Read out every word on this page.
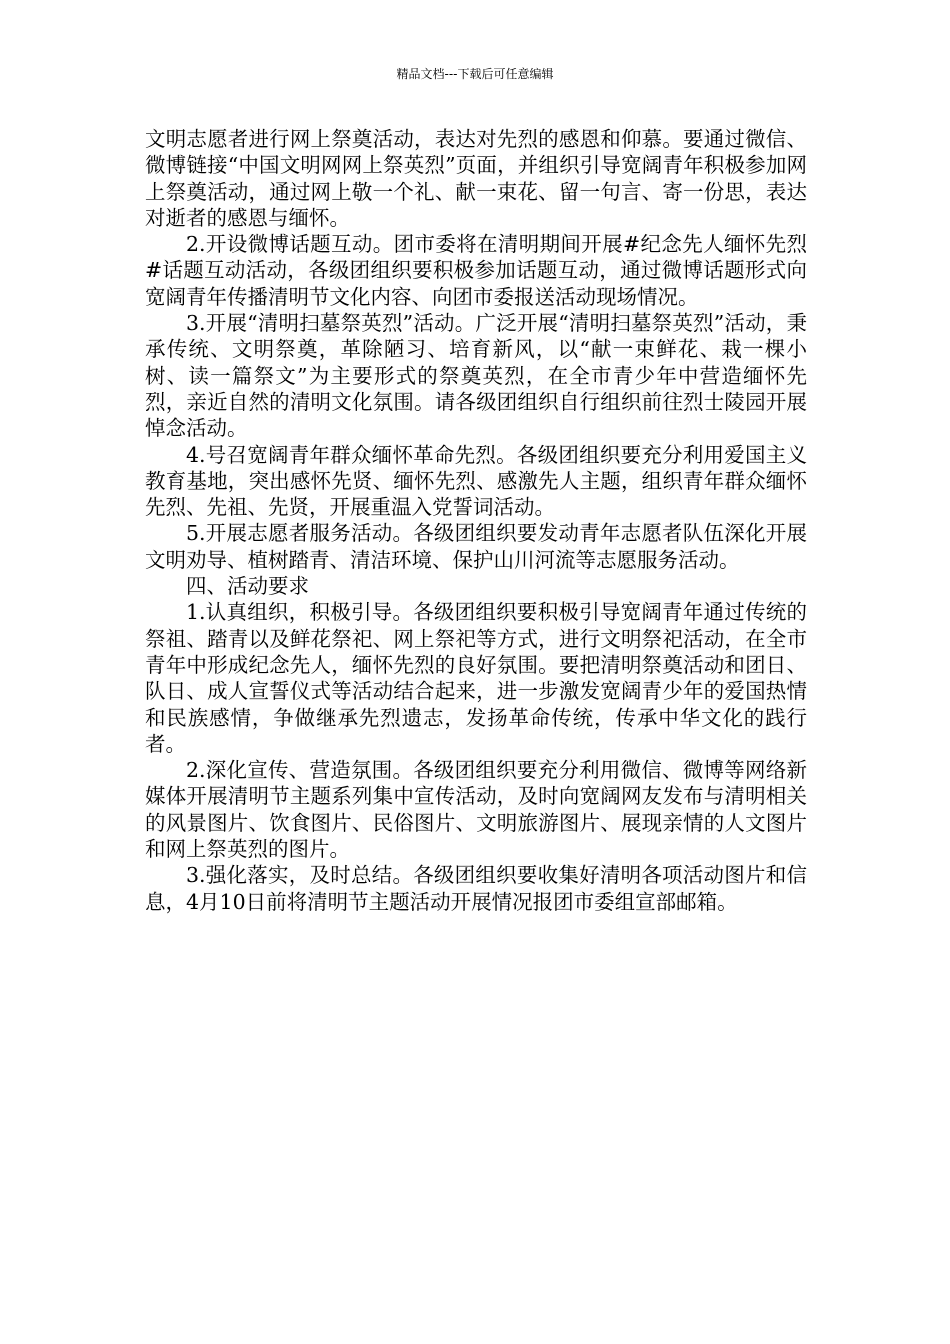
精品文档---下载后可任意编辑

文明志愿者进行网上祭奠活动，表达对先烈的感恩和仰慕。要通过微信、微博链接“中国文明网网上祭英烈”页面，并组织引导宽阔青年积极参加网上祭奠活动，通过网上敬一个礼、献一束花、留一句言、寄一份思，表达对逝者的感恩与缅怀。

2.开设微博话题互动。团市委将在清明期间开展#纪念先人缅怀先烈#话题互动活动，各级团组织要积极参加话题互动，通过微博话题形式向宽阔青年传播清明节文化内容、向团市委报送活动现场情况。

3.开展“清明扫墓祭英烈”活动。广泛开展“清明扫墓祭英烈”活动，秉承传统、文明祭奠，革除陋习、培育新风，以“献一束鲜花、栽一棵小树、读一篇祭文”为主要形式的祭奠英烈，在全市青少年中营造缅怀先烈，亲近自然的清明文化氛围。请各级团组织自行组织前往烈士陵园开展悼念活动。

4.号召宽阔青年群众缅怀革命先烈。各级团组织要充分利用爱国主义教育基地，突出感怀先贤、缅怀先烈、感激先人主题，组织青年群众缅怀先烈、先祖、先贤，开展重温入党誓词活动。

5.开展志愿者服务活动。各级团组织要发动青年志愿者队伍深化开展文明劝导、植树踏青、清洁环境、保护山川河流等志愿服务活动。

四、活动要求

1.认真组织，积极引导。各级团组织要积极引导宽阔青年通过传统的祭祖、踏青以及鲜花祭祀、网上祭祀等方式，进行文明祭祀活动，在全市青年中形成纪念先人，缅怀先烈的良好氛围。要把清明祭奠活动和团日、队日、成人宣誓仪式等活动结合起来，进一步激发宽阔青少年的爱国热情和民族感情，争做继承先烈遗志，发扬革命传统，传承中华文化的践行者。

2.深化宣传、营造氛围。各级团组织要充分利用微信、微博等网络新媒体开展清明节主题系列集中宣传活动，及时向宽阔网友发布与清明相关的风景图片、饮食图片、民俗图片、文明旅游图片、展现亲情的人文图片和网上祭英烈的图片。

3.强化落实，及时总结。各级团组织要收集好清明各项活动图片和信息，4月10日前将清明节主题活动开展情况报团市委组宣部邮箱。
